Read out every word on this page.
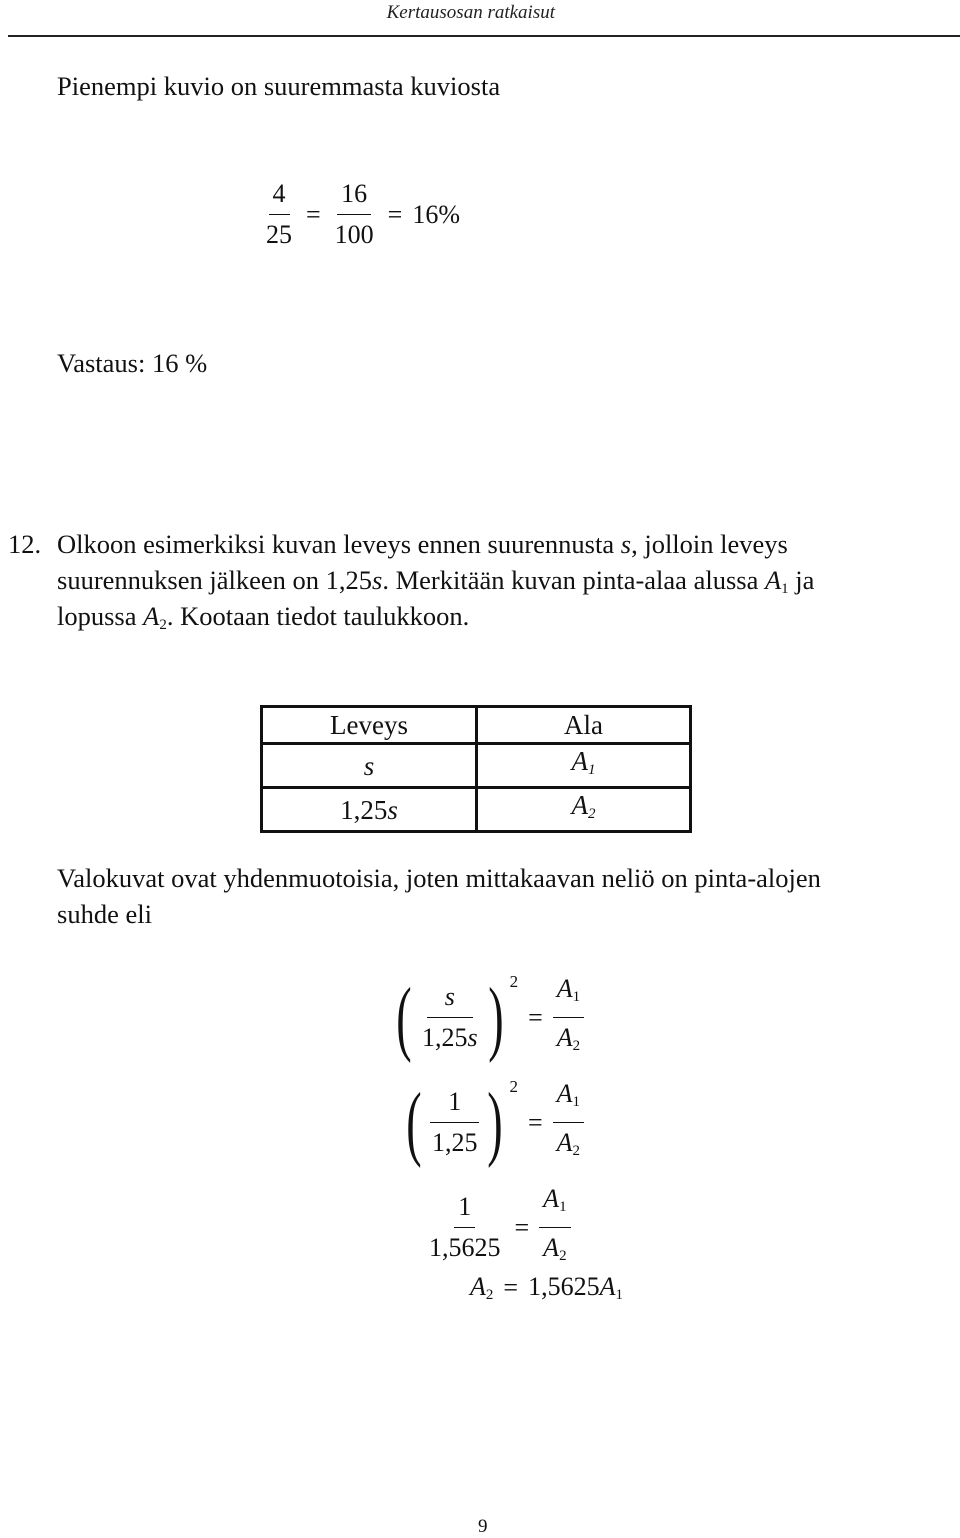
Kertausosan ratkaisut
Pienempi kuvio on suuremmasta kuviosta
$\frac{4}{25} = \frac{16}{100} = 16\%$
Vastaus: 16 %
12. Olkoon esimerkiksi kuvan leveys ennen suurennusta s, jolloin leveys
suurennuksen jälkeen on 1,25s. Merkitään kuvan pinta-alaa alussa $A_1$ ja
lopussa $A_2$. Kootaan tiedot taulukkoon.
Leveys	Ala
s	$A_1$
1,25s	$A_2$
Valokuvat ovat yhdenmuotoisia, joten mittakaavan neliö on pinta-alojen
suhde eli
( $\frac{s}{1,25s}$ ) $^2$
= $\frac{A_1}{A_2}$
( $\frac{1}{1,25}$ ) $^2$
= $\frac{A_1}{A_2}$
$\frac{1}{1,5625} = \frac{A_1}{A_2}$
$A_2 = 1,5625A_1$
9
